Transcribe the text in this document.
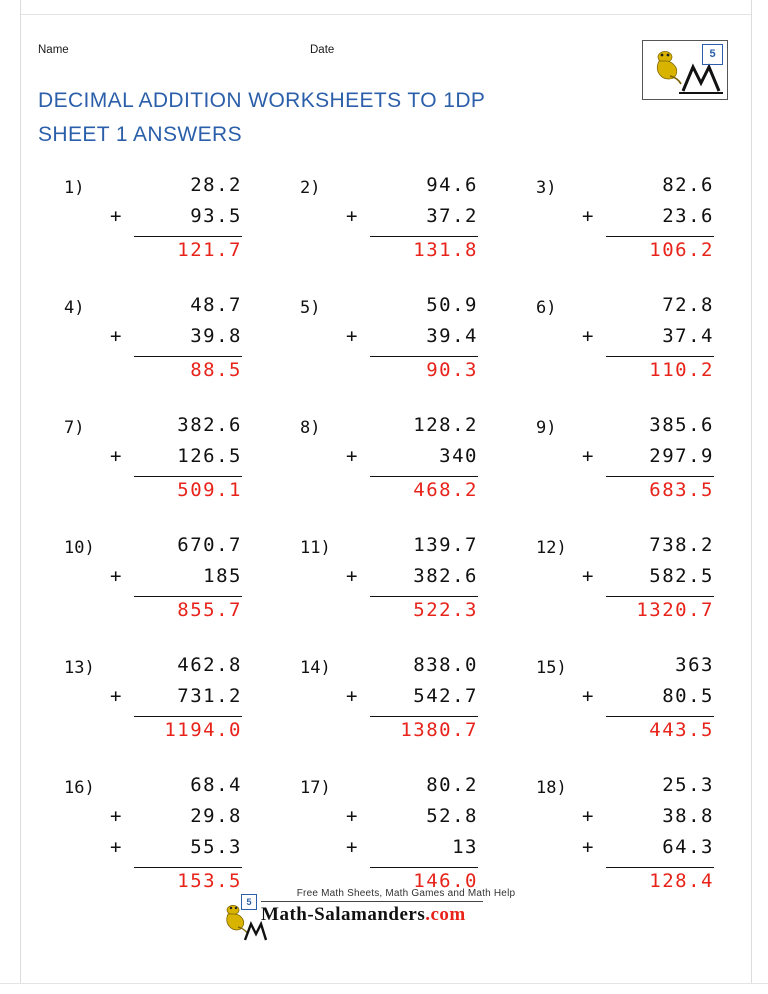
Name	Date
DECIMAL ADDITION WORKSHEETS TO 1DP
SHEET 1 ANSWERS
5
1)	28.2
+	93.5
121.7
2)	94.6
+	37.2
131.8
3)	82.6
+	23.6
106.2
4)	48.7
+	39.8
88.5
5)	50.9
+	39.4
90.3
6)	72.8
+	37.4
110.2
7)	382.6
+	126.5
509.1
8)	128.2
+	340
468.2
9)	385.6
+	297.9
683.5
10)	670.7
+	185
855.7
11)	139.7
+	382.6
522.3
12)	738.2
+	582.5
1320.7
13)	462.8
+	731.2
1194.0
14)	838.0
+	542.7
1380.7
15)	363
+	80.5
443.5
16)	68.4
+	29.8
+	55.3
153.5
17)	80.2
+	52.8
+	13
146.0
18)	25.3
+	38.8
+	64.3
128.4
5
Free Math Sheets, Math Games and Math Help
Math-Salamanders.com
